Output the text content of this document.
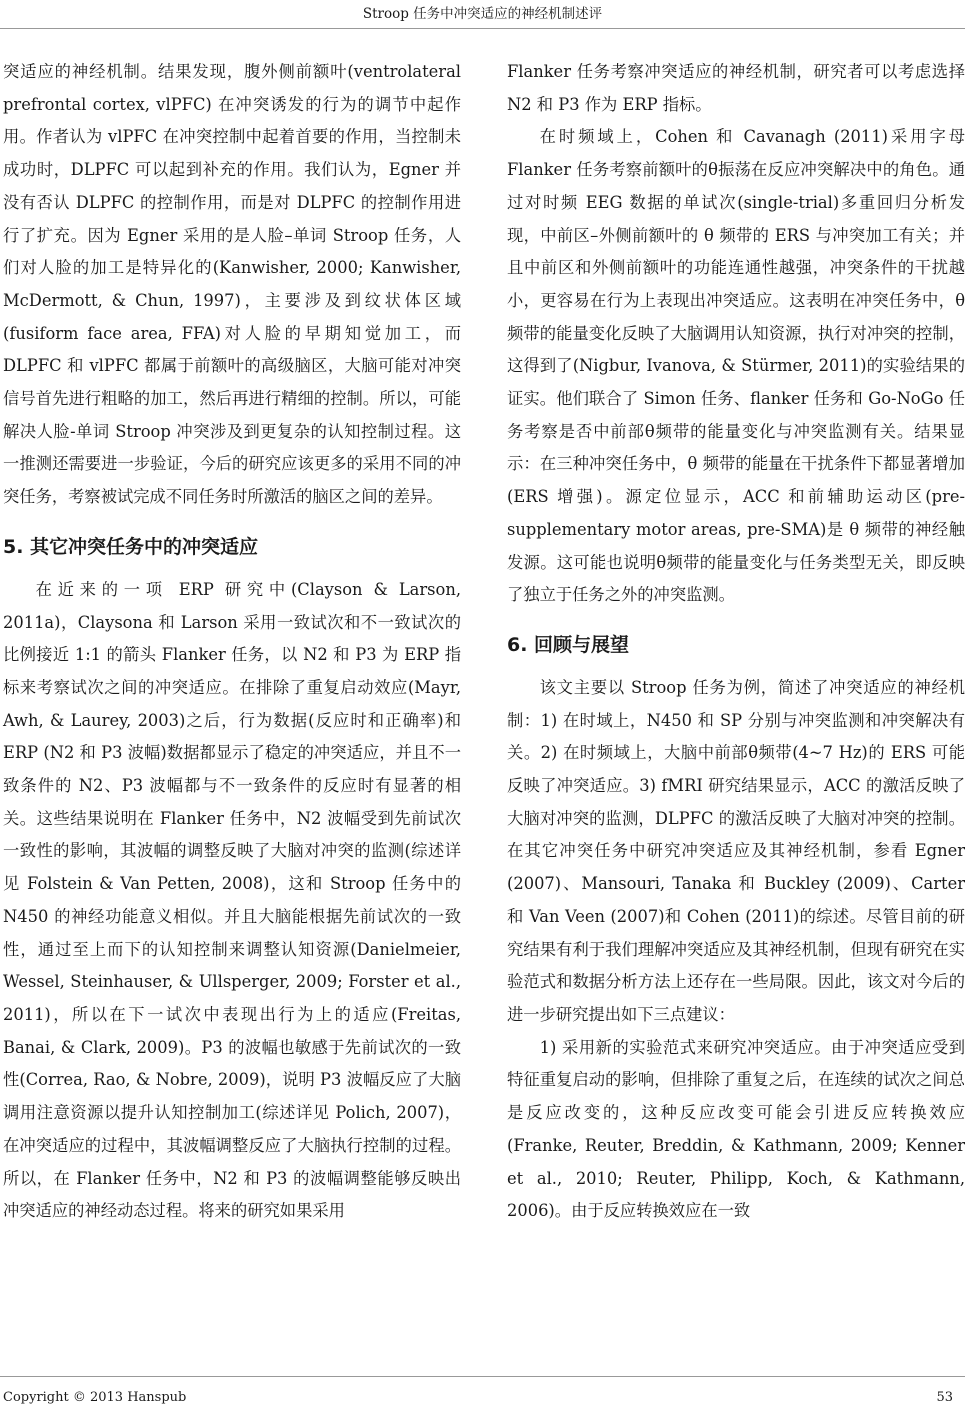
Stroop 任务中冲突适应的神经机制述评

突适应的神经机制。结果发现，腹外侧前额叶(ventrolateral prefrontal cortex, vlPFC) 在冲突诱发的行为的调节中起作用。作者认为 vlPFC 在冲突控制中起着首要的作用，当控制未成功时，DLPFC 可以起到补充的作用。我们认为，Egner 并没有否认 DLPFC 的控制作用，而是对 DLPFC 的控制作用进行了扩充。因为 Egner 采用的是人脸–单词 Stroop 任务，人们对人脸的加工是特异化的(Kanwisher, 2000; Kanwisher, McDermott, & Chun, 1997)，主要涉及到纹状体区域(fusiform face area, FFA)对人脸的早期知觉加工，而 DLPFC 和 vlPFC 都属于前额叶的高级脑区，大脑可能对冲突信号首先进行粗略的加工，然后再进行精细的控制。所以，可能解决人脸-单词 Stroop 冲突涉及到更复杂的认知控制过程。这一推测还需要进一步验证，今后的研究应该更多的采用不同的冲突任务，考察被试完成不同任务时所激活的脑区之间的差异。

5. 其它冲突任务中的冲突适应

在近来的一项 ERP 研究中(Clayson & Larson, 2011a)，Claysona 和 Larson 采用一致试次和不一致试次的比例接近 1:1 的箭头 Flanker 任务，以 N2 和 P3 为 ERP 指标来考察试次之间的冲突适应。在排除了重复启动效应(Mayr, Awh, & Laurey, 2003)之后，行为数据(反应时和正确率)和 ERP (N2 和 P3 波幅)数据都显示了稳定的冲突适应，并且不一致条件的 N2、P3 波幅都与不一致条件的反应时有显著的相关。这些结果说明在 Flanker 任务中，N2 波幅受到先前试次一致性的影响，其波幅的调整反映了大脑对冲突的监测(综述详见 Folstein & Van Petten, 2008)，这和 Stroop 任务中的 N450 的神经功能意义相似。并且大脑能根据先前试次的一致性，通过至上而下的认知控制来调整认知资源(Danielmeier, Wessel, Steinhauser, & Ullsperger, 2009; Forster et al., 2011)，所以在下一试次中表现出行为上的适应(Freitas, Banai, & Clark, 2009)。P3 的波幅也敏感于先前试次的一致性(Correa, Rao, & Nobre, 2009)，说明 P3 波幅反应了大脑调用注意资源以提升认知控制加工(综述详见 Polich, 2007)，在冲突适应的过程中，其波幅调整反应了大脑执行控制的过程。所以，在 Flanker 任务中，N2 和 P3 的波幅调整能够反映出冲突适应的神经动态过程。将来的研究如果采用

Flanker 任务考察冲突适应的神经机制，研究者可以考虑选择 N2 和 P3 作为 ERP 指标。

在时频域上，Cohen 和 Cavanagh (2011)采用字母 Flanker 任务考察前额叶的θ振荡在反应冲突解决中的角色。通过对时频 EEG 数据的单试次(single-trial)多重回归分析发现，中前区–外侧前额叶的 θ 频带的 ERS 与冲突加工有关；并且中前区和外侧前额叶的功能连通性越强，冲突条件的干扰越小，更容易在行为上表现出冲突适应。这表明在冲突任务中，θ 频带的能量变化反映了大脑调用认知资源，执行对冲突的控制，这得到了(Nigbur, Ivanova, & Stürmer, 2011)的实验结果的证实。他们联合了 Simon 任务、flanker 任务和 Go-NoGo 任务考察是否中前部θ频带的能量变化与冲突监测有关。结果显示：在三种冲突任务中，θ 频带的能量在干扰条件下都显著增加(ERS 增强)。源定位显示，ACC 和前辅助运动区(pre-supplementary motor areas, pre-SMA)是 θ 频带的神经触发源。这可能也说明θ频带的能量变化与任务类型无关，即反映了独立于任务之外的冲突监测。

6. 回顾与展望

该文主要以 Stroop 任务为例，简述了冲突适应的神经机制：1) 在时域上，N450 和 SP 分别与冲突监测和冲突解决有关。2) 在时频域上，大脑中前部θ频带(4~7 Hz)的 ERS 可能反映了冲突适应。3) fMRI 研究结果显示，ACC 的激活反映了大脑对冲突的监测，DLPFC 的激活反映了大脑对冲突的控制。在其它冲突任务中研究冲突适应及其神经机制，参看 Egner (2007)、Mansouri, Tanaka 和 Buckley (2009)、Carter 和 Van Veen (2007)和 Cohen (2011)的综述。尽管目前的研究结果有利于我们理解冲突适应及其神经机制，但现有研究在实验范式和数据分析方法上还存在一些局限。因此，该文对今后的进一步研究提出如下三点建议：

1) 采用新的实验范式来研究冲突适应。由于冲突适应受到特征重复启动的影响，但排除了重复之后，在连续的试次之间总是反应改变的，这种反应改变可能会引进反应转换效应(Franke, Reuter, Breddin, & Kathmann, 2009; Kenner et al., 2010; Reuter, Philipp, Koch, & Kathmann, 2006)。由于反应转换效应在一致

Copyright © 2013 Hanspub	53
